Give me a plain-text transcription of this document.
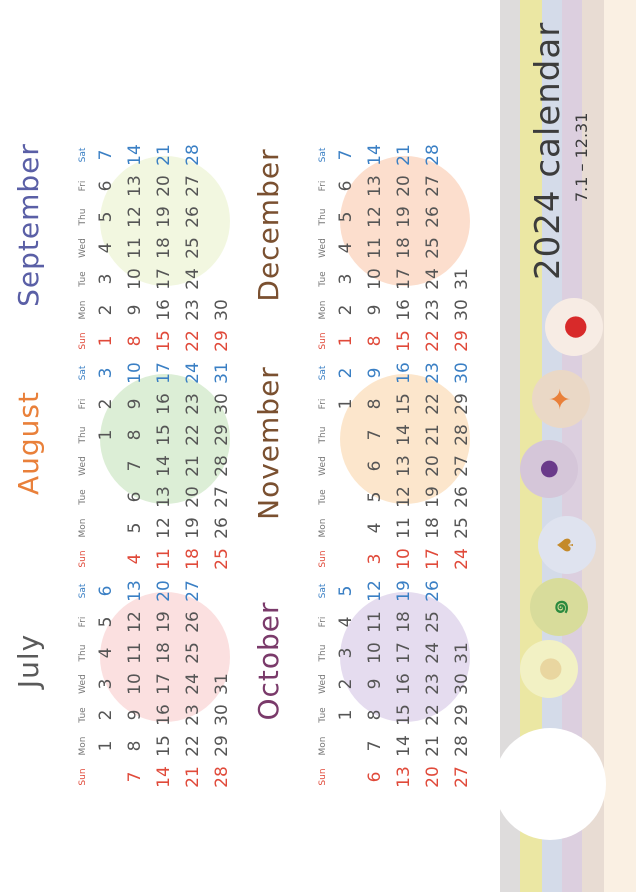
July
Sun
Mon
Tue
Wed
Thu
Fri
Sat
1
2
3
4
5
6
7
8
9
10
11
12
13
14
15
16
17
18
19
20
21
22
23
24
25
26
27
28
29
30
31
August
Sun
Mon
Tue
Wed
Thu
Fri
Sat
1
2
3
4
5
6
7
8
9
10
11
12
13
14
15
16
17
18
19
20
21
22
23
24
25
26
27
28
29
30
31
September
Sun
Mon
Tue
Wed
Thu
Fri
Sat
1
2
3
4
5
6
7
8
9
10
11
12
13
14
15
16
17
18
19
20
21
22
23
24
25
26
27
28
29
30
October
Sun
Mon
Tue
Wed
Thu
Fri
Sat
1
2
3
4
5
6
7
8
9
10
11
12
13
14
15
16
17
18
19
20
21
22
23
24
25
26
27
28
29
30
31
November
Sun
Mon
Tue
Wed
Thu
Fri
Sat
1
2
3
4
5
6
7
8
9
10
11
12
13
14
15
16
17
18
19
20
21
22
23
24
25
26
27
28
29
30
December
Sun
Mon
Tue
Wed
Thu
Fri
Sat
1
2
3
4
5
6
7
8
9
10
11
12
13
14
15
16
17
18
19
20
21
22
23
24
25
26
27
28
29
30
31 2024 calendar 7.1 – 12.31
●
๑
♠
●
✦
●
